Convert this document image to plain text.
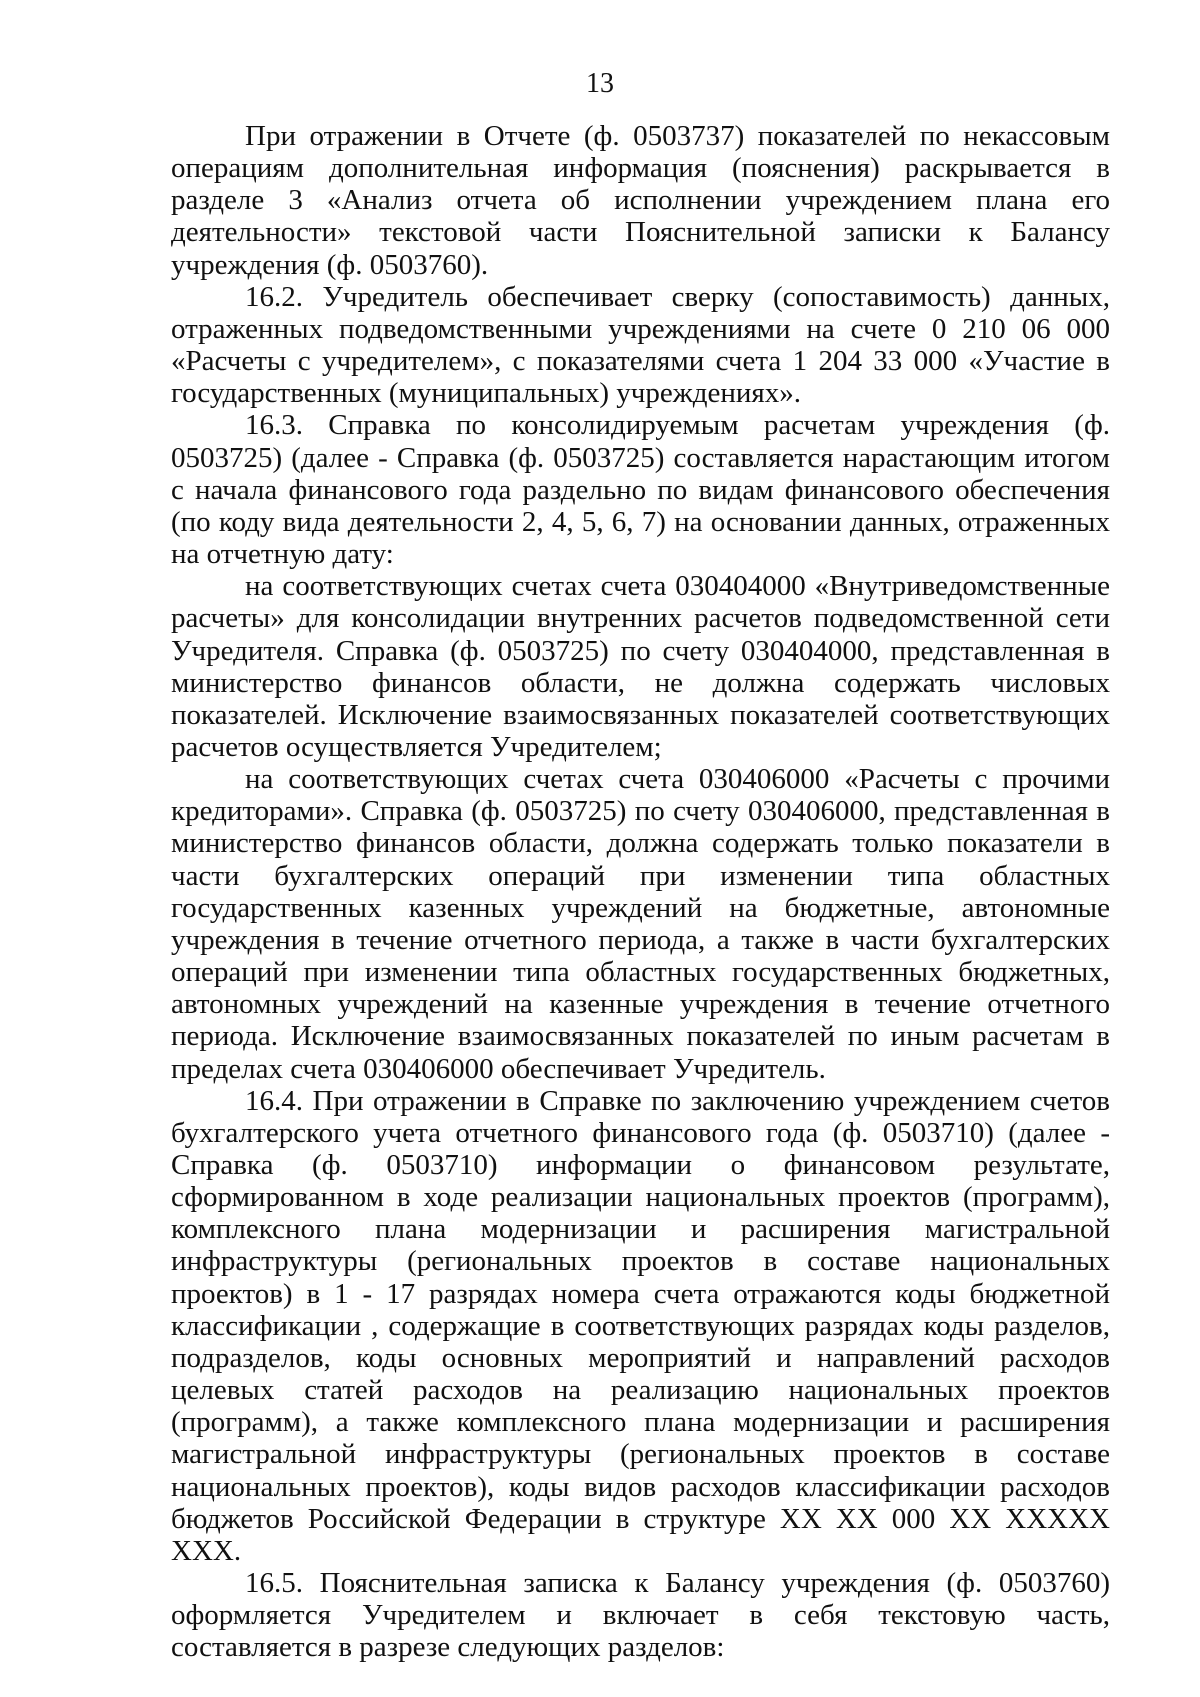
13

При отражении в Отчете (ф. 0503737) показателей по некассовым операциям дополнительная информация (пояснения) раскрывается в разделе 3 «Анализ отчета об исполнении учреждением плана его деятельности» текстовой части Пояснительной записки к Балансу учреждения (ф. 0503760).

16.2. Учредитель обеспечивает сверку (сопоставимость) данных, отраженных подведомственными учреждениями на счете 0 210 06 000 «Расчеты с учредителем», с показателями счета 1 204 33 000 «Участие в государственных (муниципальных) учреждениях».

16.3. Справка по консолидируемым расчетам учреждения (ф. 0503725) (далее - Справка (ф. 0503725) составляется нарастающим итогом с начала финансового года раздельно по видам финансового обеспечения (по коду вида деятельности 2, 4, 5, 6, 7) на основании данных, отраженных на отчетную дату:

на соответствующих счетах счета 030404000 «Внутриведомственные расчеты» для консолидации внутренних расчетов подведомственной сети Учредителя. Справка (ф. 0503725) по счету 030404000, представленная в министерство финансов области, не должна содержать числовых показателей. Исключение взаимосвязанных показателей соответствующих расчетов осуществляется Учредителем;

на соответствующих счетах счета 030406000 «Расчеты с прочими кредиторами». Справка (ф. 0503725) по счету 030406000, представленная в министерство финансов области, должна содержать только показатели в части бухгалтерских операций при изменении типа областных государственных казенных учреждений на бюджетные, автономные учреждения в течение отчетного периода, а также в части бухгалтерских операций при изменении типа областных государственных бюджетных, автономных учреждений на казенные учреждения в течение отчетного периода. Исключение взаимосвязанных показателей по иным расчетам в пределах счета 030406000 обеспечивает Учредитель.

16.4. При отражении в Справке по заключению учреждением счетов бухгалтерского учета отчетного финансового года (ф. 0503710) (далее - Справка (ф. 0503710) информации о финансовом результате, сформированном в ходе реализации национальных проектов (программ), комплексного плана модернизации и расширения магистральной инфраструктуры (региональных проектов в составе национальных проектов) в 1 - 17 разрядах номера счета отражаются коды бюджетной классификации , содержащие в соответствующих разрядах коды разделов, подразделов, коды основных мероприятий и направлений расходов целевых статей расходов на реализацию национальных проектов (программ), а также комплексного плана модернизации и расширения магистральной инфраструктуры (региональных проектов в составе национальных проектов), коды видов расходов классификации расходов бюджетов Российской Федерации в структуре ХХ ХХ 000 ХХ ХХХХХ ХХХ.

16.5. Пояснительная записка к Балансу учреждения (ф. 0503760) оформляется Учредителем и включает в себя текстовую часть, составляется в разрезе следующих разделов:
